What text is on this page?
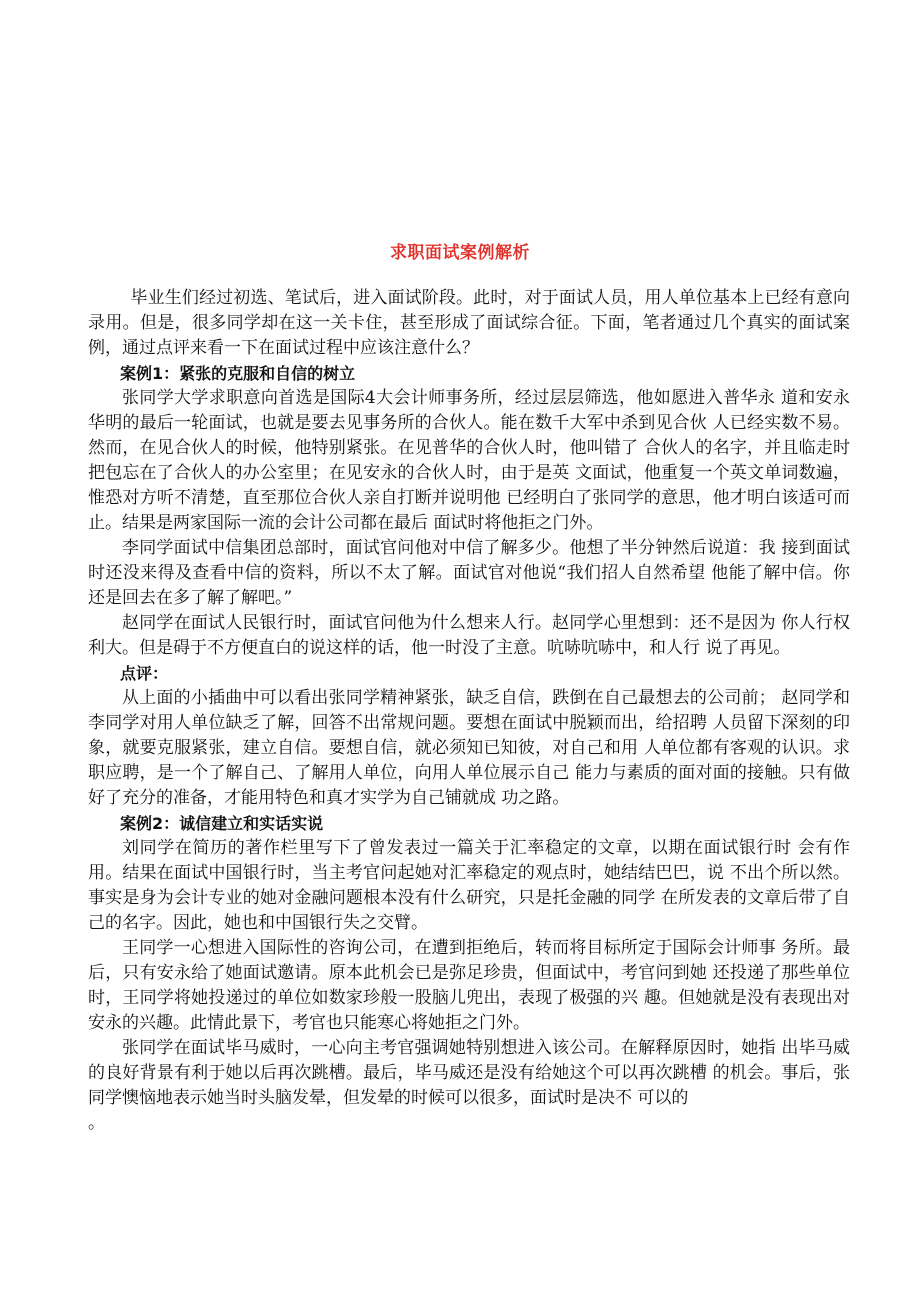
求职面试案例解析

毕业生们经过初选、笔试后，进入面试阶段。此时，对于面试人员，用人单位基本上已经有意向录用。但是，很多同学却在这一关卡住，甚至形成了面试综合征。下面，笔者通过几个真实的面试案例，通过点评来看一下在面试过程中应该注意什么？

案例1：紧张的克服和自信的树立

张同学大学求职意向首选是国际4大会计师事务所，经过层层筛选，他如愿进入普华永 道和安永华明的最后一轮面试，也就是要去见事务所的合伙人。能在数千大军中杀到见合伙 人已经实数不易。然而，在见合伙人的时候，他特别紧张。在见普华的合伙人时，他叫错了 合伙人的名字，并且临走时把包忘在了合伙人的办公室里；在见安永的合伙人时，由于是英 文面试，他重复一个英文单词数遍，惟恐对方听不清楚，直至那位合伙人亲自打断并说明他 已经明白了张同学的意思，他才明白该适可而止。结果是两家国际一流的会计公司都在最后 面试时将他拒之门外。

李同学面试中信集团总部时，面试官问他对中信了解多少。他想了半分钟然后说道：我 接到面试时还没来得及查看中信的资料，所以不太了解。面试官对他说“我们招人自然希望 他能了解中信。你还是回去在多了解了解吧。”

赵同学在面试人民银行时，面试官问他为什么想来人行。赵同学心里想到：还不是因为 你人行权利大。但是碍于不方便直白的说这样的话，他一时没了主意。吭哧吭哧中，和人行 说了再见。

点评：

从上面的小插曲中可以看出张同学精神紧张，缺乏自信，跌倒在自己最想去的公司前； 赵同学和李同学对用人单位缺乏了解，回答不出常规问题。要想在面试中脱颖而出，给招聘 人员留下深刻的印象，就要克服紧张，建立自信。要想自信，就必须知已知彼，对自己和用 人单位都有客观的认识。求职应聘，是一个了解自己、了解用人单位，向用人单位展示自己 能力与素质的面对面的接触。只有做好了充分的准备，才能用特色和真才实学为自己铺就成 功之路。

案例2：诚信建立和实话实说

刘同学在简历的著作栏里写下了曾发表过一篇关于汇率稳定的文章，以期在面试银行时 会有作用。结果在面试中国银行时，当主考官问起她对汇率稳定的观点时，她结结巴巴，说 不出个所以然。事实是身为会计专业的她对金融问题根本没有什么研究，只是托金融的同学 在所发表的文章后带了自己的名字。因此，她也和中国银行失之交臂。

王同学一心想进入国际性的咨询公司，在遭到拒绝后，转而将目标所定于国际会计师事 务所。最后，只有安永给了她面试邀请。原本此机会已是弥足珍贵，但面试中，考官问到她 还投递了那些单位时，王同学将她投递过的单位如数家珍般一股脑儿兜出，表现了极强的兴 趣。但她就是没有表现出对安永的兴趣。此情此景下，考官也只能寒心将她拒之门外。

张同学在面试毕马威时，一心向主考官强调她特别想进入该公司。在解释原因时，她指 出毕马威的良好背景有利于她以后再次跳槽。最后，毕马威还是没有给她这个可以再次跳槽 的机会。事后，张同学懊恼地表示她当时头脑发晕，但发晕的时候可以很多，面试时是决不 可以的

。
